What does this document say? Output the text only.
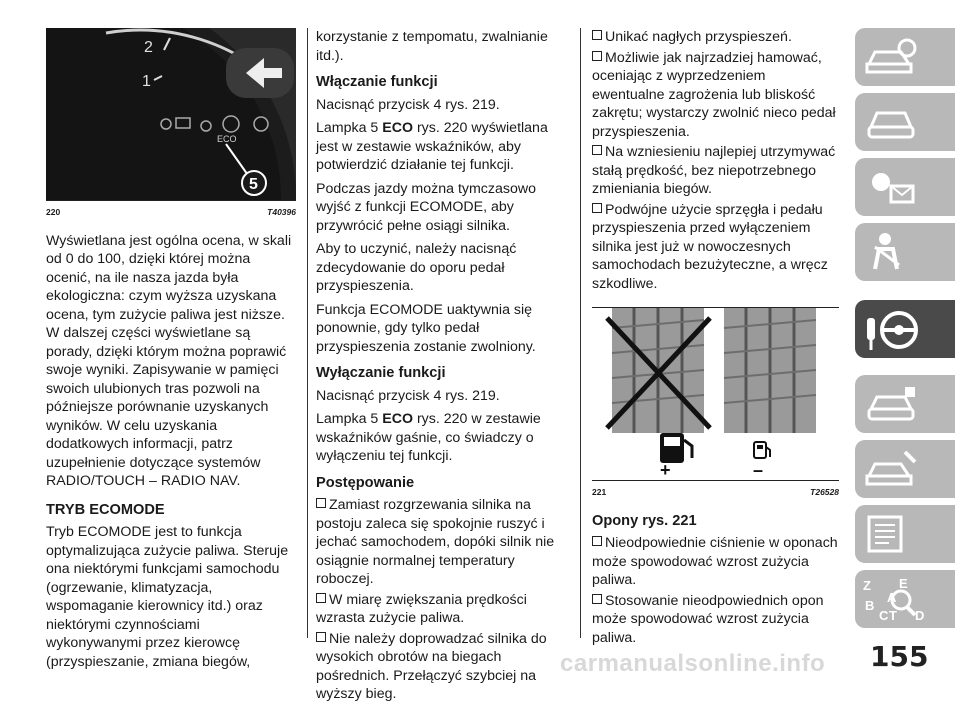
2
1
ECO
5
220	T40396

Wyświetlana jest ogólna ocena, w skali od 0 do 100, dzięki której można ocenić, na ile nasza jazda była ekologiczna: czym wyższa uzyskana ocena, tym zużycie paliwa jest niższe. W dalszej części wyświetlane są porady, dzięki którym można poprawić swoje wyniki. Zapisywanie w pamięci swoich ulubionych tras pozwoli na późniejsze porównanie uzyskanych wyników. W celu uzyskania dodatkowych informacji, patrz uzupełnienie dotyczące systemów RADIO/TOUCH – RADIO NAV.

TRYB ECOMODE

Tryb ECOMODE jest to funkcja optymalizująca zużycie paliwa. Steruje ona niektórymi funkcjami samochodu (ogrzewanie, klimatyzacja, wspomaganie kierownicy itd.) oraz niektórymi czynnościami wykonywanymi przez kierowcę (przyspieszanie, zmiana biegów,

korzystanie z tempomatu, zwalnianie itd.).

Włączanie funkcji

Nacisnąć przycisk 4 rys. 219.

Lampka 5 ECO rys. 220 wyświetlana jest w zestawie wskaźników, aby potwierdzić działanie tej funkcji.

Podczas jazdy można tymczasowo wyjść z funkcji ECOMODE, aby przywrócić pełne osiągi silnika.

Aby to uczynić, należy nacisnąć zdecydowanie do oporu pedał przyspieszenia.

Funkcja ECOMODE uaktywnia się ponownie, gdy tylko pedał przyspieszenia zostanie zwolniony.

Wyłączanie funkcji

Nacisnąć przycisk 4 rys. 219.

Lampka 5 ECO rys. 220 w zestawie wskaźników gaśnie, co świadczy o wyłączeniu tej funkcji.

Postępowanie

Zamiast rozgrzewania silnika na postoju zaleca się spokojnie ruszyć i jechać samochodem, dopóki silnik nie osiągnie normalnej temperatury roboczej.

W miarę zwiększania prędkości wzrasta zużycie paliwa.

Nie należy doprowadzać silnika do wysokich obrotów na biegach pośrednich. Przełączyć szybciej na wyższy bieg.

Unikać nagłych przyspieszeń.

Możliwie jak najrzadziej hamować, oceniając z wyprzedzeniem ewentualne zagrożenia lub bliskość zakrętu; wystarczy zwolnić nieco pedał przyspieszenia.

Na wzniesieniu najlepiej utrzymywać stałą prędkość, bez niepotrzebnego zmieniania biegów.

Podwójne użycie sprzęgła i pedału przyspieszenia przed wyłączeniem silnika jest już w nowoczesnych samochodach bezużyteczne, a wręcz szkodliwe.

+	–
221	T26528
Opony rys. 221

Nieodpowiednie ciśnienie w oponach może spowodować wzrost zużycia paliwa.

Stosowanie nieodpowiednich opon może spowodować wzrost zużycia paliwa.

Z E
B
C T
A
D
155
carmanualsonline.info
